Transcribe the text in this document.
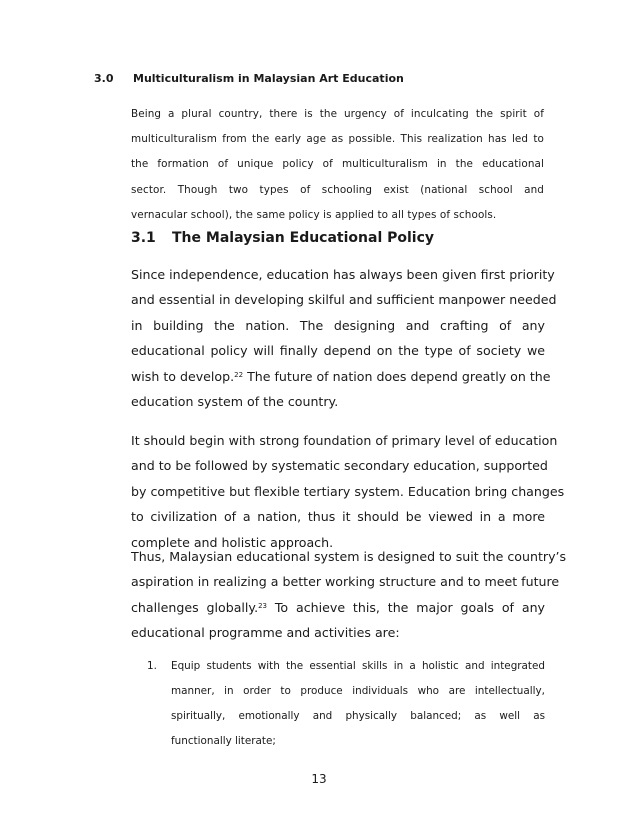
3.0 Multiculturalism in Malaysian Art Education
Being a plural country, there is the urgency of inculcating the spirit of
multiculturalism from the early age as possible. This realization has led to
the formation of unique policy of multiculturalism in the educational
sector. Though two types of schooling exist (national school and
vernacular school), the same policy is applied to all types of schools.
3.1 The Malaysian Educational Policy
Since independence, education has always been given first priority
and essential in developing skilful and sufficient manpower needed
in building the nation. The designing and crafting of any
educational policy will finally depend on the type of society we
wish to develop.$^{22}$ The future of nation does depend greatly on the
education system of the country.
It should begin with strong foundation of primary level of education
and to be followed by systematic secondary education, supported
by competitive but flexible tertiary system. Education bring changes
to civilization of a nation, thus it should be viewed in a more
complete and holistic approach.
Thus, Malaysian educational system is designed to suit the country’s
aspiration in realizing a better working structure and to meet future
challenges globally.$^{23}$ To achieve this, the major goals of any
educational programme and activities are:
1. Equip students with the essential skills in a holistic and integrated
manner, in order to produce individuals who are intellectually,
spiritually, emotionally and physically balanced; as well as
functionally literate;
13
